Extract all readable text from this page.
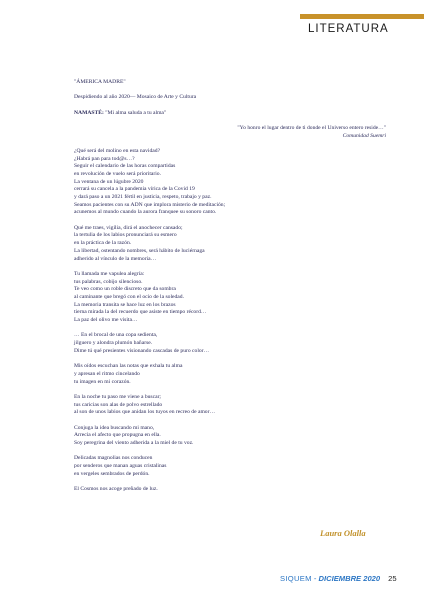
LITERATURA
"ÁMERICA MADRE"
Despidiendo al año 2020— Mosaico de Arte y Cultura
NAMASTÉ: "Mi alma saluda a tu alma"
"Yo honro el lugar dentro de ti donde el Universo entero reside…"
Comunidad Suemri
¿Qué será del molino en esta navidad?
¿Habrá pan para tod@s…?
Seguir el calendario de las horas compartidas
en revolución de vuelo será prioritario.
La ventana de un lúgubre 2020
cerrará su cancela a la pandemia vírica de la Covid 19
y dará paso a un 2021 fértil en justicia, respeto, trabajo y paz.
Seamos pacientes con su ADN que implora misterio de meditación;
acunemos al mundo cuando la aurora franquee su sonoro canto.
Qué me traes, vigilia, dirá el anochecer cansado;
la tertulia de los labios pronunciará su esmero
en la práctica de la razón.
La libertad, ostentando nombres, será hábito de luciérnaga
adherido al vínculo de la memoria…
Tu llamada me vapulea alegría:
tus palabras, cobijo silencioso.
Te veo como un roble discreto que da sombra
al caminante que bregó con el ocio de la soledad.
La memoria transita se hace luz en los brazos
tierna mirada la del recuerdo que asiste en tiempo récord…
La paz del olivo me visita…
… En el brocal de una copa sedienta,
jilguero y alondra plumón bañarse.
Dime tú qué presientes visionando cascadas de puro color…
Mis oídos escuchan las notas que exhala tu alma
y apresan el ritmo cincelando
tu imagen en mi corazón.
En la noche tu paso me viene a buscar;
tus caricias son alas de polvo estrellado
al son de unos labios que anidan los tuyos en recreo de amor…
Conjuga la idea buscando mi mano,
Arrecia el afecto que propugna en ella.
Soy peregrina del viento adherida a la miel de tu voz.
Delicadas magnolias nos conducen
por senderos que manan aguas cristalinas
en vergeles sembrados de perdón.
El Cosmos nos acoge preñado de luz.
Laura Olalla
SIQUEM - DICIEMBRE 2020 25
